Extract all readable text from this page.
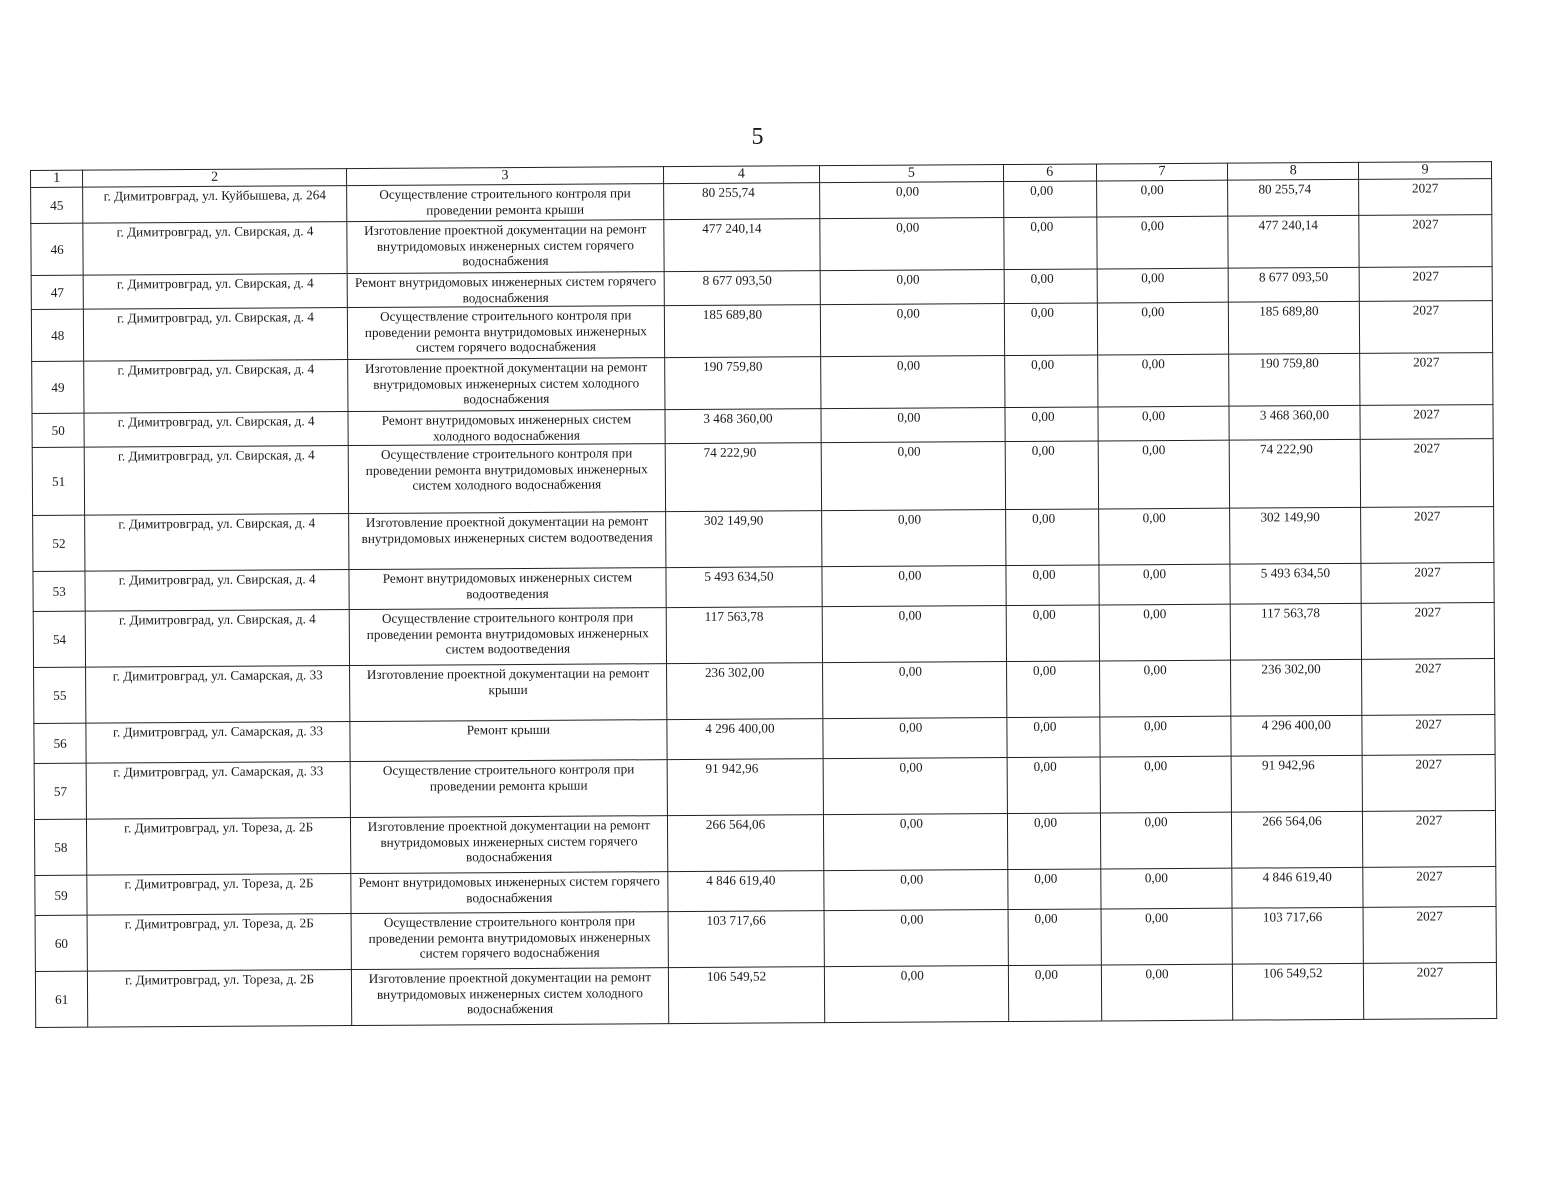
5
1	2	3	4	5	6	7	8	9
45	г. Димитровград, ул. Куйбышева, д. 264	Осуществление строительного контроля при проведении ремонта крыши	80 255,74	0,00	0,00	0,00	80 255,74	2027
46	г. Димитровград, ул. Свирская, д. 4	Изготовление проектной документации на ремонт внутридомовых инженерных систем горячего водоснабжения	477 240,14	0,00	0,00	0,00	477 240,14	2027
47	г. Димитровград, ул. Свирская, д. 4	Ремонт внутридомовых инженерных систем горячего водоснабжения	8 677 093,50	0,00	0,00	0,00	8 677 093,50	2027
48	г. Димитровград, ул. Свирская, д. 4	Осуществление строительного контроля при проведении ремонта внутридомовых инженерных систем горячего водоснабжения	185 689,80	0,00	0,00	0,00	185 689,80	2027
49	г. Димитровград, ул. Свирская, д. 4	Изготовление проектной документации на ремонт внутридомовых инженерных систем холодного водоснабжения	190 759,80	0,00	0,00	0,00	190 759,80	2027
50	г. Димитровград, ул. Свирская, д. 4	Ремонт внутридомовых инженерных систем холодного водоснабжения	3 468 360,00	0,00	0,00	0,00	3 468 360,00	2027
51	г. Димитровград, ул. Свирская, д. 4	Осуществление строительного контроля при проведении ремонта внутридомовых инженерных систем холодного водоснабжения	74 222,90	0,00	0,00	0,00	74 222,90	2027
52	г. Димитровград, ул. Свирская, д. 4	Изготовление проектной документации на ремонт внутридомовых инженерных систем водоотведения	302 149,90	0,00	0,00	0,00	302 149,90	2027
53	г. Димитровград, ул. Свирская, д. 4	Ремонт внутридомовых инженерных систем водоотведения	5 493 634,50	0,00	0,00	0,00	5 493 634,50	2027
54	г. Димитровград, ул. Свирская, д. 4	Осуществление строительного контроля при проведении ремонта внутридомовых инженерных систем водоотведения	117 563,78	0,00	0,00	0,00	117 563,78	2027
55	г. Димитровград, ул. Самарская, д. 33	Изготовление проектной документации на ремонт крыши	236 302,00	0,00	0,00	0,00	236 302,00	2027
56	г. Димитровград, ул. Самарская, д. 33	Ремонт крыши	4 296 400,00	0,00	0,00	0,00	4 296 400,00	2027
57	г. Димитровград, ул. Самарская, д. 33	Осуществление строительного контроля при проведении ремонта крыши	91 942,96	0,00	0,00	0,00	91 942,96	2027
58	г. Димитровград, ул. Тореза, д. 2Б	Изготовление проектной документации на ремонт внутридомовых инженерных систем горячего водоснабжения	266 564,06	0,00	0,00	0,00	266 564,06	2027
59	г. Димитровград, ул. Тореза, д. 2Б	Ремонт внутридомовых инженерных систем горячего водоснабжения	4 846 619,40	0,00	0,00	0,00	4 846 619,40	2027
60	г. Димитровград, ул. Тореза, д. 2Б	Осуществление строительного контроля при проведении ремонта внутридомовых инженерных систем горячего водоснабжения	103 717,66	0,00	0,00	0,00	103 717,66	2027
61	г. Димитровград, ул. Тореза, д. 2Б	Изготовление проектной документации на ремонт внутридомовых инженерных систем холодного водоснабжения	106 549,52	0,00	0,00	0,00	106 549,52	2027
